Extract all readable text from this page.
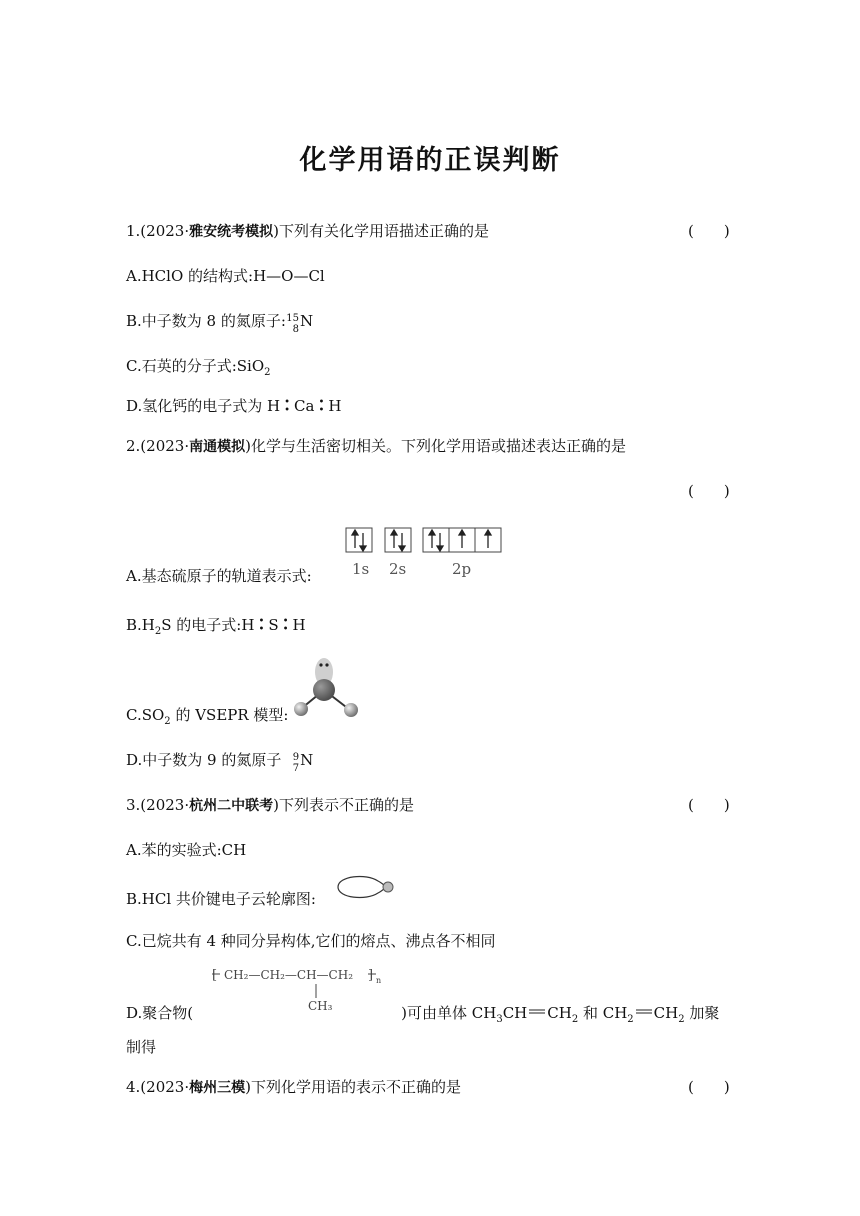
化学用语的正误判断
1.(2023·雅安统考模拟)下列有关化学用语描述正确的是	(　　)
A.HClO 的结构式:H—O—Cl
B.中子数为 8 的氮原子: 15
8 N
C.石英的分子式:SiO$_2$
D.氢化钙的电子式为 H •
• Ca •
• H
2.(2023·南通模拟)化学与生活密切相关。下列化学用语或描述表达正确的是
(　　)
1s 2s	2p
A.基态硫原子的轨道表示式:
$B.H_2S$ 的电子式:H •
• S •
• H
$C.SO_2$ 的 VSEPR 模型:
D.中子数为 9 的氮原子 9
7 N
3.(2023·杭州二中联考)下列表示不正确的是	(　　)
A.苯的实验式:CH
B.HCl 共价键电子云轮廓图:
C.已烷共有 4 种同分异构体,它们的熔点、沸点各不相同
[ CH₂—CH₂—CH—CH₂ ] n
CH₃
D.聚合物(	)可由单体 $CH_3CH$ $CH_2$ 和 $CH_2$ $CH_2$ 加聚
制得
4.(2023·梅州三模)下列化学用语的表示不正确的是	(　　)
